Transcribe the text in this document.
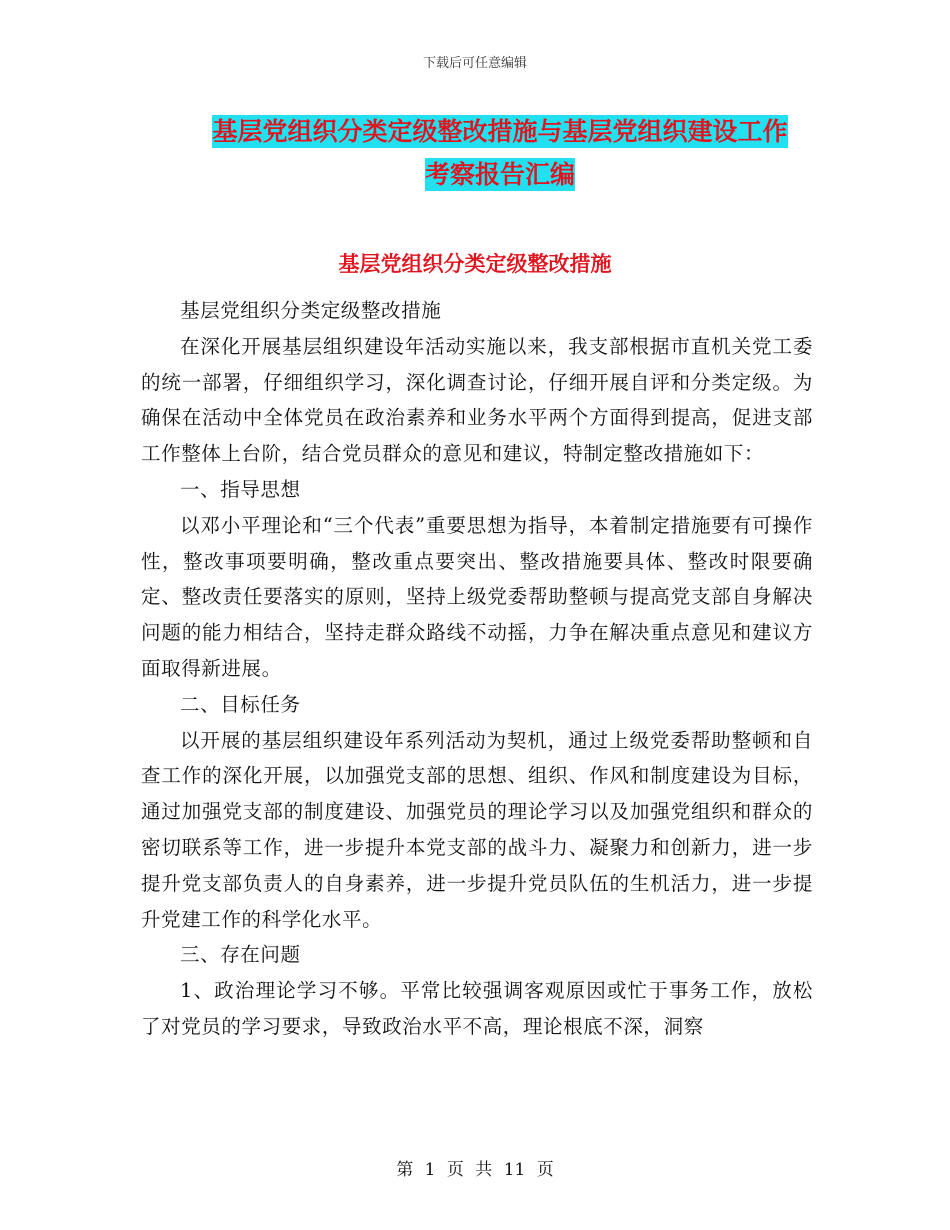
下载后可任意编辑
基层党组织分类定级整改措施与基层党组织建设工作
考察报告汇编
基层党组织分类定级整改措施

基层党组织分类定级整改措施

在深化开展基层组织建设年活动实施以来，我支部根据市直机关党工委的统一部署，仔细组织学习，深化调查讨论，仔细开展自评和分类定级。为确保在活动中全体党员在政治素养和业务水平两个方面得到提高，促进支部工作整体上台阶，结合党员群众的意见和建议，特制定整改措施如下：

一、指导思想

以邓小平理论和“三个代表”重要思想为指导，本着制定措施要有可操作性，整改事项要明确，整改重点要突出、整改措施要具体、整改时限要确定、整改责任要落实的原则，坚持上级党委帮助整顿与提高党支部自身解决问题的能力相结合，坚持走群众路线不动摇，力争在解决重点意见和建议方面取得新进展。

二、目标任务

以开展的基层组织建设年系列活动为契机，通过上级党委帮助整顿和自查工作的深化开展，以加强党支部的思想、组织、作风和制度建设为目标，通过加强党支部的制度建设、加强党员的理论学习以及加强党组织和群众的密切联系等工作，进一步提升本党支部的战斗力、凝聚力和创新力，进一步提升党支部负责人的自身素养，进一步提升党员队伍的生机活力，进一步提升党建工作的科学化水平。

三、存在问题

1、政治理论学习不够。平常比较强调客观原因或忙于事务工作，放松了对党员的学习要求，导致政治水平不高，理论根底不深，洞察

第 1 页 共 11 页
